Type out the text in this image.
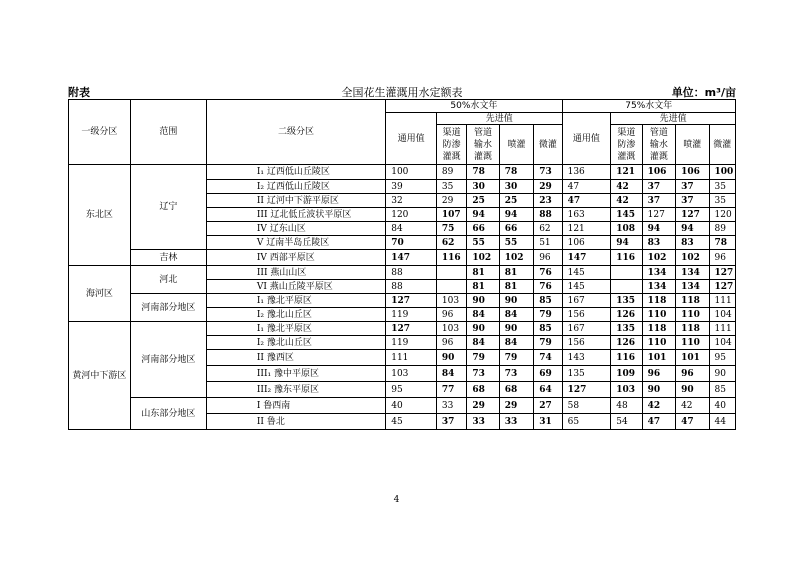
附表	全国花生灌溉用水定额表	单位：m³/亩
一级分区	范围	二级分区	50%水文年					75%水文年				
			通用值	先进值				通用值	先进值			
				渠道防渗灌溉	管道输水灌溉	喷灌	微灌		渠道防渗灌溉	管道输水灌溉	喷灌	微灌
东北区	辽宁	I₁ 辽西低山丘陵区	100	89	78	78	73	136	121	106	106	100
		I₂ 辽西低山丘陵区	39	35	30	30	29	47	42	37	37	35
		II 辽河中下游平原区	32	29	25	25	23	47	42	37	37	35
		III 辽北低丘波状平原区	120	107	94	94	88	163	145	127	127	120
		IV 辽东山区	84	75	66	66	62	121	108	94	94	89
		V 辽南半岛丘陵区	70	62	55	55	51	106	94	83	83	78
	吉林	IV 西部平原区	147	116	102	102	96	147	116	102	102	96
海河区	河北	III 燕山山区	88		81	81	76	145		134	134	127
		VI 燕山丘陵平原区	88		81	81	76	145		134	134	127
	河南部分地区	I₁ 豫北平原区	127	103	90	90	85	167	135	118	118	111
		I₂ 豫北山丘区	119	96	84	84	79	156	126	110	110	104
黄河中下游区	河南部分地区	I₁ 豫北平原区	127	103	90	90	85	167	135	118	118	111
		I₂ 豫北山丘区	119	96	84	84	79	156	126	110	110	104
		II 豫西区	111	90	79	79	74	143	116	101	101	95
		III₁ 豫中平原区	103	84	73	73	69	135	109	96	96	90
		III₂ 豫东平原区	95	77	68	68	64	127	103	90	90	85
	山东部分地区	I 鲁西南	40	33	29	29	27	58	48	42	42	40
		II 鲁北	45	37	33	33	31	65	54	47	47	44
4
